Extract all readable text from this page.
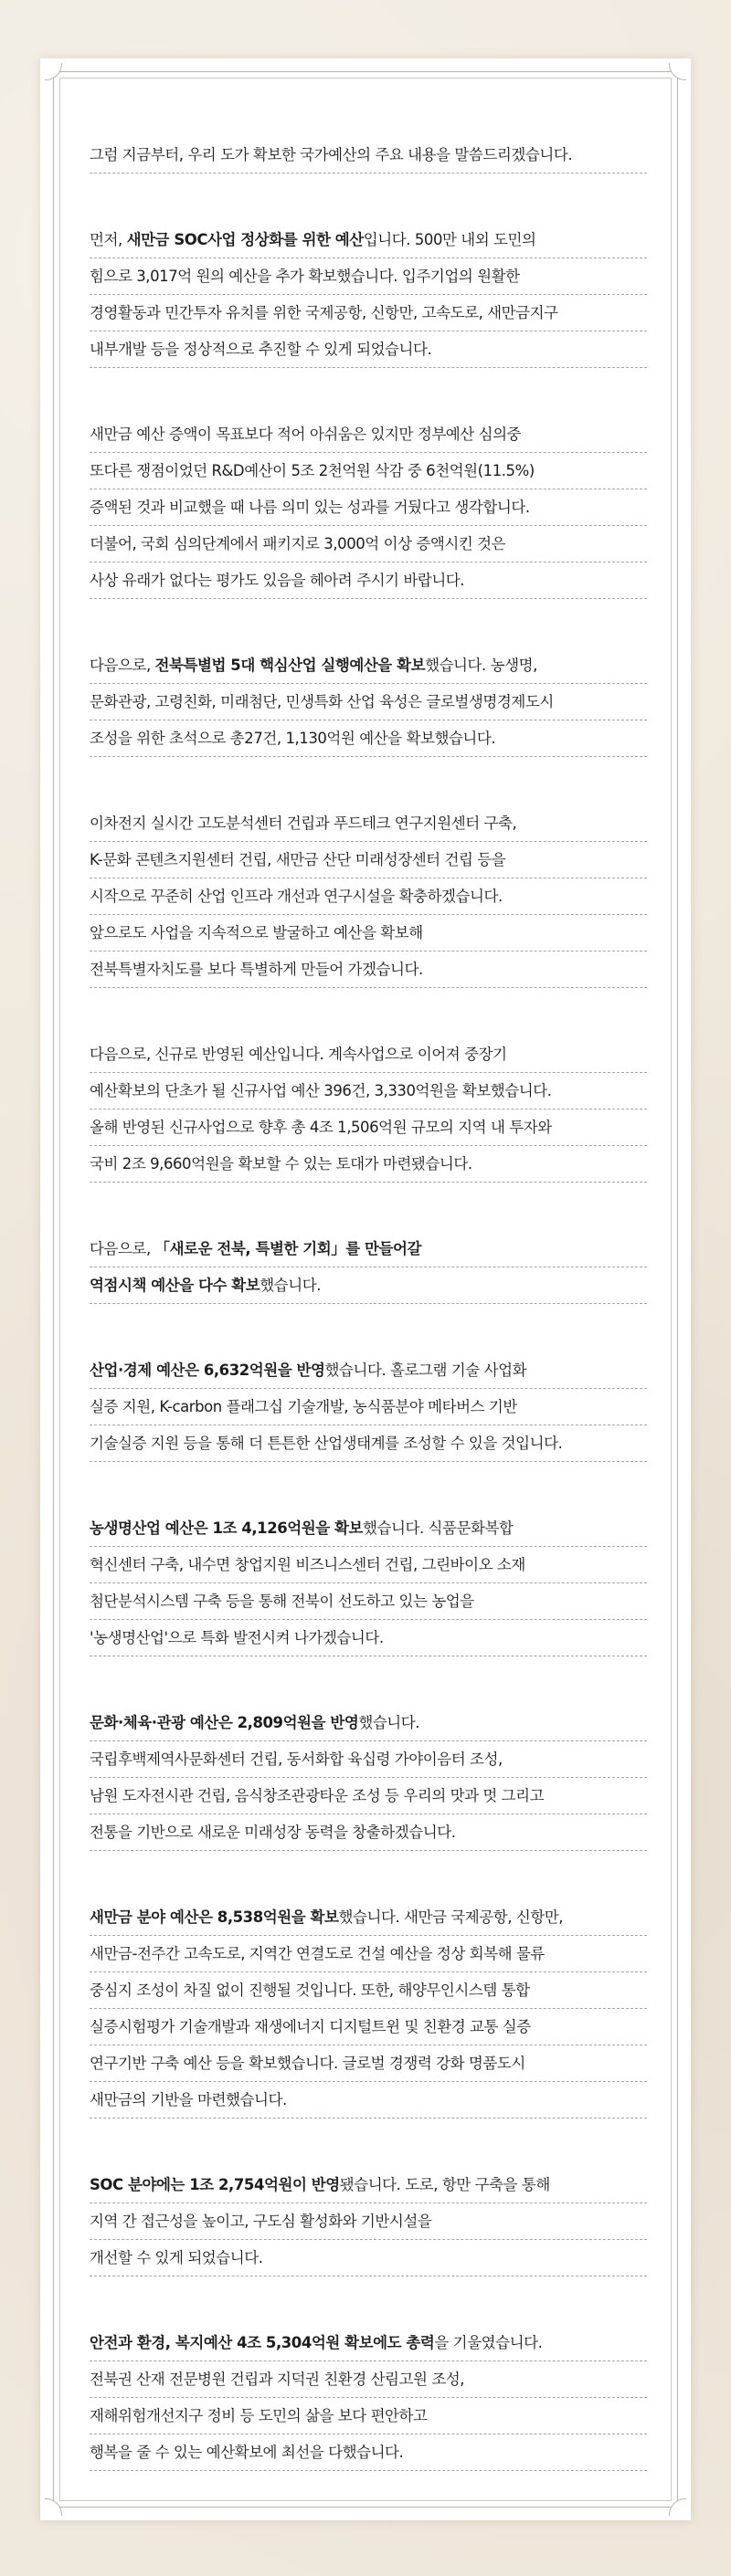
그럼 지금부터, 우리 도가 확보한 국가예산의 주요 내용을 말씀드리겠습니다.
먼저, 새만금 SOC사업 정상화를 위한 예산입니다. 500만 내외 도민의
힘으로 3,017억 원의 예산을 추가 확보했습니다. 입주기업의 원활한
경영활동과 민간투자 유치를 위한 국제공항, 신항만, 고속도로, 새만금지구
내부개발 등을 정상적으로 추진할 수 있게 되었습니다.
새만금 예산 증액이 목표보다 적어 아쉬움은 있지만 정부예산 심의중
또다른 쟁점이었던 R&D예산이 5조 2천억원 삭감 중 6천억원(11.5%)
증액된 것과 비교했을 때 나름 의미 있는 성과를 거뒀다고 생각합니다.
더불어, 국회 심의단계에서 패키지로 3,000억 이상 증액시킨 것은
사상 유래가 없다는 평가도 있음을 헤아려 주시기 바랍니다.
다음으로, 전북특별법 5대 핵심산업 실행예산을 확보했습니다. 농생명,
문화관광, 고령친화, 미래첨단, 민생특화 산업 육성은 글로벌생명경제도시
조성을 위한 초석으로 총27건, 1,130억원 예산을 확보했습니다.
이차전지 실시간 고도분석센터 건립과 푸드테크 연구지원센터 구축,
K-문화 콘텐츠지원센터 건립, 새만금 산단 미래성장센터 건립 등을
시작으로 꾸준히 산업 인프라 개선과 연구시설을 확충하겠습니다.
앞으로도 사업을 지속적으로 발굴하고 예산을 확보해
전북특별자치도를 보다 특별하게 만들어 가겠습니다.
다음으로, 신규로 반영된 예산입니다. 계속사업으로 이어져 중장기
예산확보의 단초가 될 신규사업 예산 396건, 3,330억원을 확보했습니다.
올해 반영된 신규사업으로 향후 총 4조 1,506억원 규모의 지역 내 투자와
국비 2조 9,660억원을 확보할 수 있는 토대가 마련됐습니다.
다음으로, 「새로운 전북, 특별한 기회」를 만들어갈
역점시책 예산을 다수 확보했습니다.
산업·경제 예산은 6,632억원을 반영했습니다. 홀로그램 기술 사업화
실증 지원, K-carbon 플래그십 기술개발, 농식품분야 메타버스 기반
기술실증 지원 등을 통해 더 튼튼한 산업생태계를 조성할 수 있을 것입니다.
농생명산업 예산은 1조 4,126억원을 확보했습니다. 식품문화복합
혁신센터 구축, 내수면 창업지원 비즈니스센터 건립, 그린바이오 소재
첨단분석시스템 구축 등을 통해 전북이 선도하고 있는 농업을
'농생명산업'으로 특화 발전시켜 나가겠습니다.
문화·체육·관광 예산은 2,809억원을 반영했습니다.
국립후백제역사문화센터 건립, 동서화합 육십령 가야이음터 조성,
남원 도자전시관 건립, 음식창조관광타운 조성 등 우리의 맛과 멋 그리고
전통을 기반으로 새로운 미래성장 동력을 창출하겠습니다.
새만금 분야 예산은 8,538억원을 확보했습니다. 새만금 국제공항, 신항만,
새만금-전주간 고속도로, 지역간 연결도로 건설 예산을 정상 회복해 물류
중심지 조성이 차질 없이 진행될 것입니다. 또한, 해양무인시스템 통합
실증시험평가 기술개발과 재생에너지 디지털트윈 및 친환경 교통 실증
연구기반 구축 예산 등을 확보했습니다. 글로벌 경쟁력 강화 명품도시
새만금의 기반을 마련했습니다.
SOC 분야에는 1조 2,754억원이 반영됐습니다. 도로, 항만 구축을 통해
지역 간 접근성을 높이고, 구도심 활성화와 기반시설을
개선할 수 있게 되었습니다.
안전과 환경, 복지예산 4조 5,304억원 확보에도 총력을 기울였습니다.
전북권 산재 전문병원 건립과 지덕권 친환경 산림고원 조성,
재해위험개선지구 정비 등 도민의 삶을 보다 편안하고
행복을 줄 수 있는 예산확보에 최선을 다했습니다.
